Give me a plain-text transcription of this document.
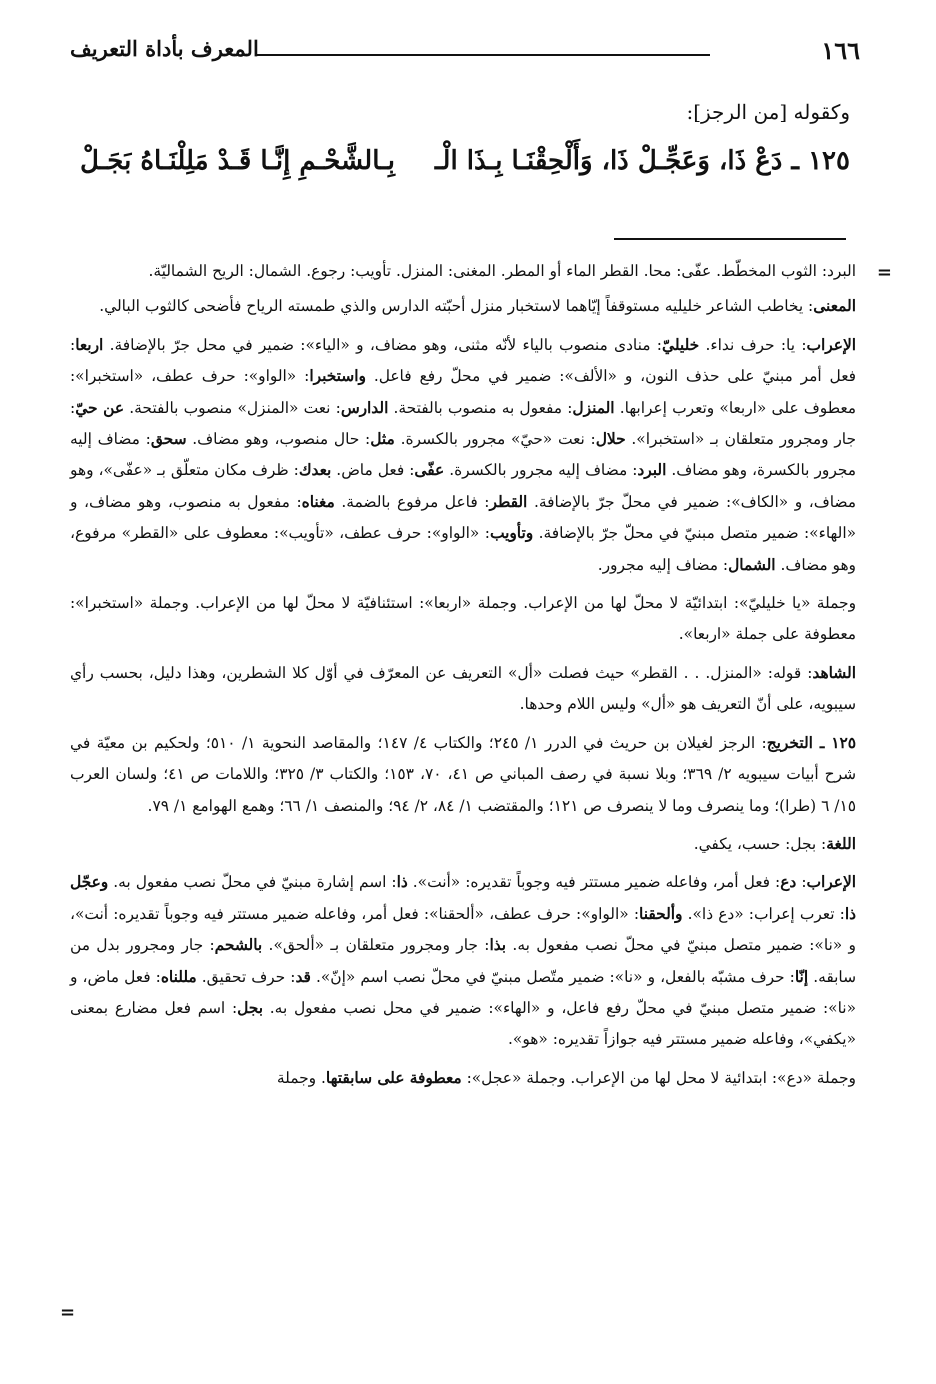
١٦٦
المعرف بأداة التعريف
وكقوله [من الرجز]:
١٢٥ ـ دَعْ ذَا، وَعَجِّـلْ ذَا، وَأَلْحِقْنَـا بِـذَا الْـ
بِـالشَّحْـمِ إِنَّـا قَـدْ مَلِلْنَـاهُ بَجَـلْ
=

البرد: الثوب المخطّط. عفّى: محا. القطر الماء أو المطر. المغنى: المنزل. تأويب: رجوع. الشمال: الريح الشماليّة.

المعنى: يخاطب الشاعر خليليه مستوقفاً إيّاهما لاستخبار منزل أحبّته الدارس والذي طمسته الرياح فأضحى كالثوب البالي.

الإعراب: يا: حرف نداء. خليليّ: منادى منصوب بالياء لأنّه مثنى، وهو مضاف، و «الياء»: ضمير في محل جرّ بالإضافة. اربعا: فعل أمر مبنيّ على حذف النون، و «الألف»: ضمير في محلّ رفع فاعل. واستخبرا: «الواو»: حرف عطف، «استخبرا»: معطوف على «اربعا» وتعرب إعرابها. المنزل: مفعول به منصوب بالفتحة. الدارس: نعت «المنزل» منصوب بالفتحة. عن حيّ: جار ومجرور متعلقان بـ «استخبرا». حلال: نعت «حيّ» مجرور بالكسرة. مثل: حال منصوب، وهو مضاف. سحق: مضاف إليه مجرور بالكسرة، وهو مضاف. البرد: مضاف إليه مجرور بالكسرة. عفّى: فعل ماض. بعدك: ظرف مكان متعلّق بـ «عفّى»، وهو مضاف، و «الكاف»: ضمير في محلّ جرّ بالإضافة. القطر: فاعل مرفوع بالضمة. مغناه: مفعول به منصوب، وهو مضاف، و «الهاء»: ضمير متصل مبنيّ في محلّ جرّ بالإضافة. وتأويب: «الواو»: حرف عطف، «تأويب»: معطوف على «القطر» مرفوع، وهو مضاف. الشمال: مضاف إليه مجرور.

وجملة «يا خليليّ»: ابتدائيّة لا محلّ لها من الإعراب. وجملة «اربعا»: استئنافيّة لا محلّ لها من الإعراب. وجملة «استخبرا»: معطوفة على جملة «اربعا».

الشاهد: قوله: «المنزل. . . القطر» حيث فصلت «أل» التعريف عن المعرّف في أوّل كلا الشطرين، وهذا دليل، بحسب رأي سيبويه، على أنّ التعريف هو «أل» وليس اللام وحدها.

١٢٥ ـ التخريج: الرجز لغيلان بن حريث في الدرر ١/ ٢٤٥؛ والكتاب ٤/ ١٤٧؛ والمقاصد النحوية ١/ ٥١٠؛ ولحكيم بن معيّة في شرح أبيات سيبويه ٢/ ٣٦٩؛ وبلا نسبة في رصف المباني ص ٤١، ٧٠، ١٥٣؛ والكتاب ٣/ ٣٢٥؛ واللامات ص ٤١؛ ولسان العرب ١٥/ ٦ (طرا)؛ وما ينصرف وما لا ينصرف ص ١٢١؛ والمقتضب ١/ ٨٤، ٢/ ٩٤؛ والمنصف ١/ ٦٦؛ وهمع الهوامع ١/ ٧٩.

اللغة: بجل: حسب، يكفي.

الإعراب: دع: فعل أمر، وفاعله ضمير مستتر فيه وجوباً تقديره: «أنت». ذا: اسم إشارة مبنيّ في محلّ نصب مفعول به. وعجّل ذا: تعرب إعراب: «دع ذا». وألحقنا: «الواو»: حرف عطف، «ألحقنا»: فعل أمر، وفاعله ضمير مستتر فيه وجوباً تقديره: أنت»، و «نا»: ضمير متصل مبنيّ في محلّ نصب مفعول به. بذا: جار ومجرور متعلقان بـ «ألحق». بالشحم: جار ومجرور بدل من سابقه. إنّا: حرف مشبّه بالفعل، و «نا»: ضمير متّصل مبنيّ في محلّ نصب اسم «إنّ». قد: حرف تحقيق. مللناه: فعل ماض، و «نا»: ضمير متصل مبنيّ في محلّ رفع فاعل، و «الهاء»: ضمير في محل نصب مفعول به. بجل: اسم فعل مضارع بمعنى «يكفي»، وفاعله ضمير مستتر فيه جوازاً تقديره: «هو».

وجملة «دع»: ابتدائية لا محل لها من الإعراب. وجملة «عجل»: معطوفة على سابقتها. وجملة

=
